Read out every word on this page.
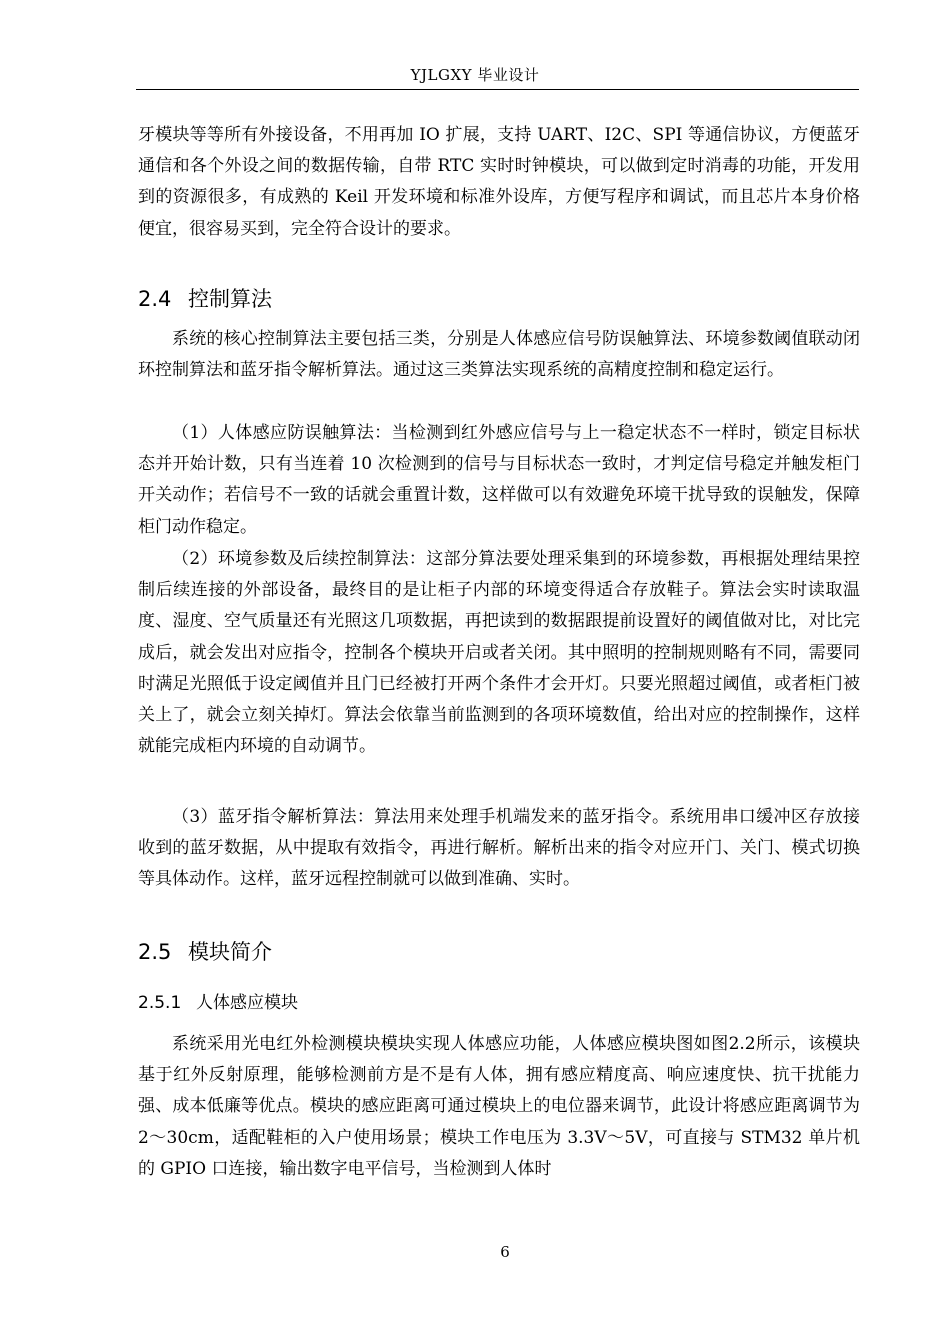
YJLGXY 毕业设计

牙模块等等所有外接设备，不用再加 IO 扩展，支持 UART、I2C、SPI 等通信协议，方便蓝牙通信和各个外设之间的数据传输，自带 RTC 实时时钟模块，可以做到定时消毒的功能，开发用到的资源很多，有成熟的 Keil 开发环境和标准外设库，方便写程序和调试，而且芯片本身价格便宜，很容易买到，完全符合设计的要求。

2.4 控制算法

系统的核心控制算法主要包括三类，分别是人体感应信号防误触算法、环境参数阈值联动闭环控制算法和蓝牙指令解析算法。通过这三类算法实现系统的高精度控制和稳定运行。

（1）人体感应防误触算法：当检测到红外感应信号与上一稳定状态不一样时，锁定目标状态并开始计数，只有当连着 10 次检测到的信号与目标状态一致时，才判定信号稳定并触发柜门开关动作；若信号不一致的话就会重置计数，这样做可以有效避免环境干扰导致的误触发，保障柜门动作稳定。

（2）环境参数及后续控制算法：这部分算法要处理采集到的环境参数，再根据处理结果控制后续连接的外部设备，最终目的是让柜子内部的环境变得适合存放鞋子。算法会实时读取温度、湿度、空气质量还有光照这几项数据，再把读到的数据跟提前设置好的阈值做对比，对比完成后，就会发出对应指令，控制各个模块开启或者关闭。其中照明的控制规则略有不同，需要同时满足光照低于设定阈值并且门已经被打开两个条件才会开灯。只要光照超过阈值，或者柜门被关上了，就会立刻关掉灯。算法会依靠当前监测到的各项环境数值，给出对应的控制操作，这样就能完成柜内环境的自动调节。

（3）蓝牙指令解析算法：算法用来处理手机端发来的蓝牙指令。系统用串口缓冲区存放接收到的蓝牙数据，从中提取有效指令，再进行解析。解析出来的指令对应开门、关门、模式切换等具体动作。这样，蓝牙远程控制就可以做到准确、实时。

2.5 模块简介
2.5.1 人体感应模块

系统采用光电红外检测模块模块实现人体感应功能，人体感应模块图如图2.2所示，该模块基于红外反射原理，能够检测前方是不是有人体，拥有感应精度高、响应速度快、抗干扰能力强、成本低廉等优点。模块的感应距离可通过模块上的电位器来调节，此设计将感应距离调节为 2～30cm，适配鞋柜的入户使用场景；模块工作电压为 3.3V～5V，可直接与 STM32 单片机的 GPIO 口连接，输出数字电平信号，当检测到人体时

6
